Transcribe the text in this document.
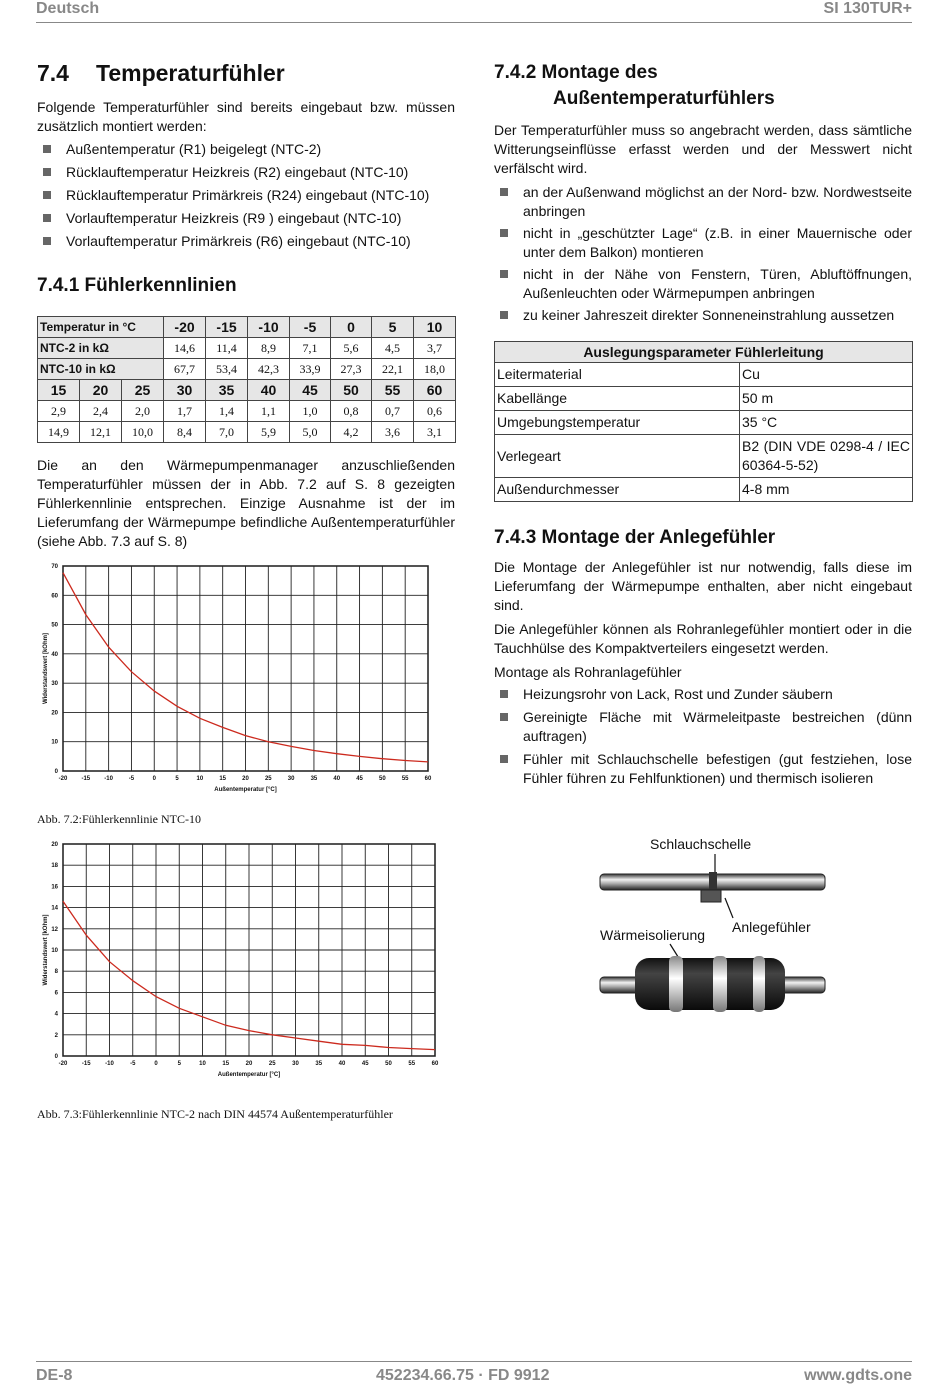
Deutsch	SI 130TUR+
7.4 Temperaturfühler

Folgende Temperaturfühler sind bereits eingebaut bzw. müssen zusätzlich montiert werden:

Außentemperatur (R1) beigelegt (NTC-2)
Rücklauftemperatur Heizkreis (R2) eingebaut (NTC-10)
Rücklauftemperatur Primärkreis (R24) eingebaut (NTC-10)
Vorlauftemperatur Heizkreis (R9 ) eingebaut (NTC-10)
Vorlauftemperatur Primärkreis (R6) eingebaut (NTC-10)
7.4.1 Fühlerkennlinien
Temperatur in °C			-20	-15	-10	-5	0	5	10
NTC-2 in kΩ			14,6	11,4	8,9	7,1	5,6	4,5	3,7
NTC-10 in kΩ			67,7	53,4	42,3	33,9	27,3	22,1	18,0
15	20	25	30	35	40	45	50	55	60
2,9	2,4	2,0	1,7	1,4	1,1	1,0	0,8	0,7	0,6
14,9	12,1	10,0	8,4	7,0	5,9	5,0	4,2	3,6	3,1

Die an den Wärmepumpenmanager anzuschließenden Temperaturfühler müssen der in Abb. 7.2 auf S. 8 gezeigten Fühlerkennlinie entsprechen. Einzige Ausnahme ist der im Lieferumfang der Wärmepumpe befindliche Außentemperaturfühler (siehe Abb. 7.3 auf S. 8)

-20 -15 -10	-5	0	5	10	15	20	25	30	35	40	45	50	55	60
0
10
20
30
40
50
60
70
Außentemperatur [°C]
Widerstandswert [kOhm]
Abb. 7.2:Fühlerkennlinie NTC-10
-20 -15 -10	-5	0	5	10	15	20	25	30	35	40	45	50	55	60
0
2
4
6
8
10
12
14
16
18
20
Außentemperatur [°C]
Widerstandswert [kOhm]
Abb. 7.3:Fühlerkennlinie NTC-2 nach DIN 44574 Außentemperaturfühler
7.4.2 Montage des
Außentemperaturfühlers

Der Temperaturfühler muss so angebracht werden, dass sämtliche Witterungseinflüsse erfasst werden und der Messwert nicht verfälscht wird.

an der Außenwand möglichst an der Nord- bzw. Nordwestseite anbringen
nicht in „geschützter Lage“ (z.B. in einer Mauernische oder unter dem Balkon) montieren
nicht in der Nähe von Fenstern, Türen, Abluftöffnungen, Außenleuchten oder Wärmepumpen anbringen
zu keiner Jahreszeit direkter Sonneneinstrahlung aussetzen
Auslegungsparameter Fühlerleitung	
Leitermaterial	Cu
Kabellänge	50 m
Umgebungstemperatur	35 °C
Verlegeart	B2 (DIN VDE 0298-4 / IEC 60364-5-52)
Außendurchmesser	4-8 mm
7.4.3 Montage der Anlegefühler

Die Montage der Anlegefühler ist nur notwendig, falls diese im Lieferumfang der Wärmepumpe enthalten, aber nicht eingebaut sind.

Die Anlegefühler können als Rohranlegefühler montiert oder in die Tauchhülse des Kompaktverteilers eingesetzt werden.

Montage als Rohranlagefühler

Heizungsrohr von Lack, Rost und Zunder säubern
Gereinigte Fläche mit Wärmeleitpaste bestreichen (dünn auftragen)
Fühler mit Schlauchschelle befestigen (gut festziehen, lose Fühler führen zu Fehlfunktionen) und thermisch isolieren
Schlauchschelle
Anlegefühler
Wärmeisolierung
DE-8	452234.66.75 · FD 9912	www.gdts.one
